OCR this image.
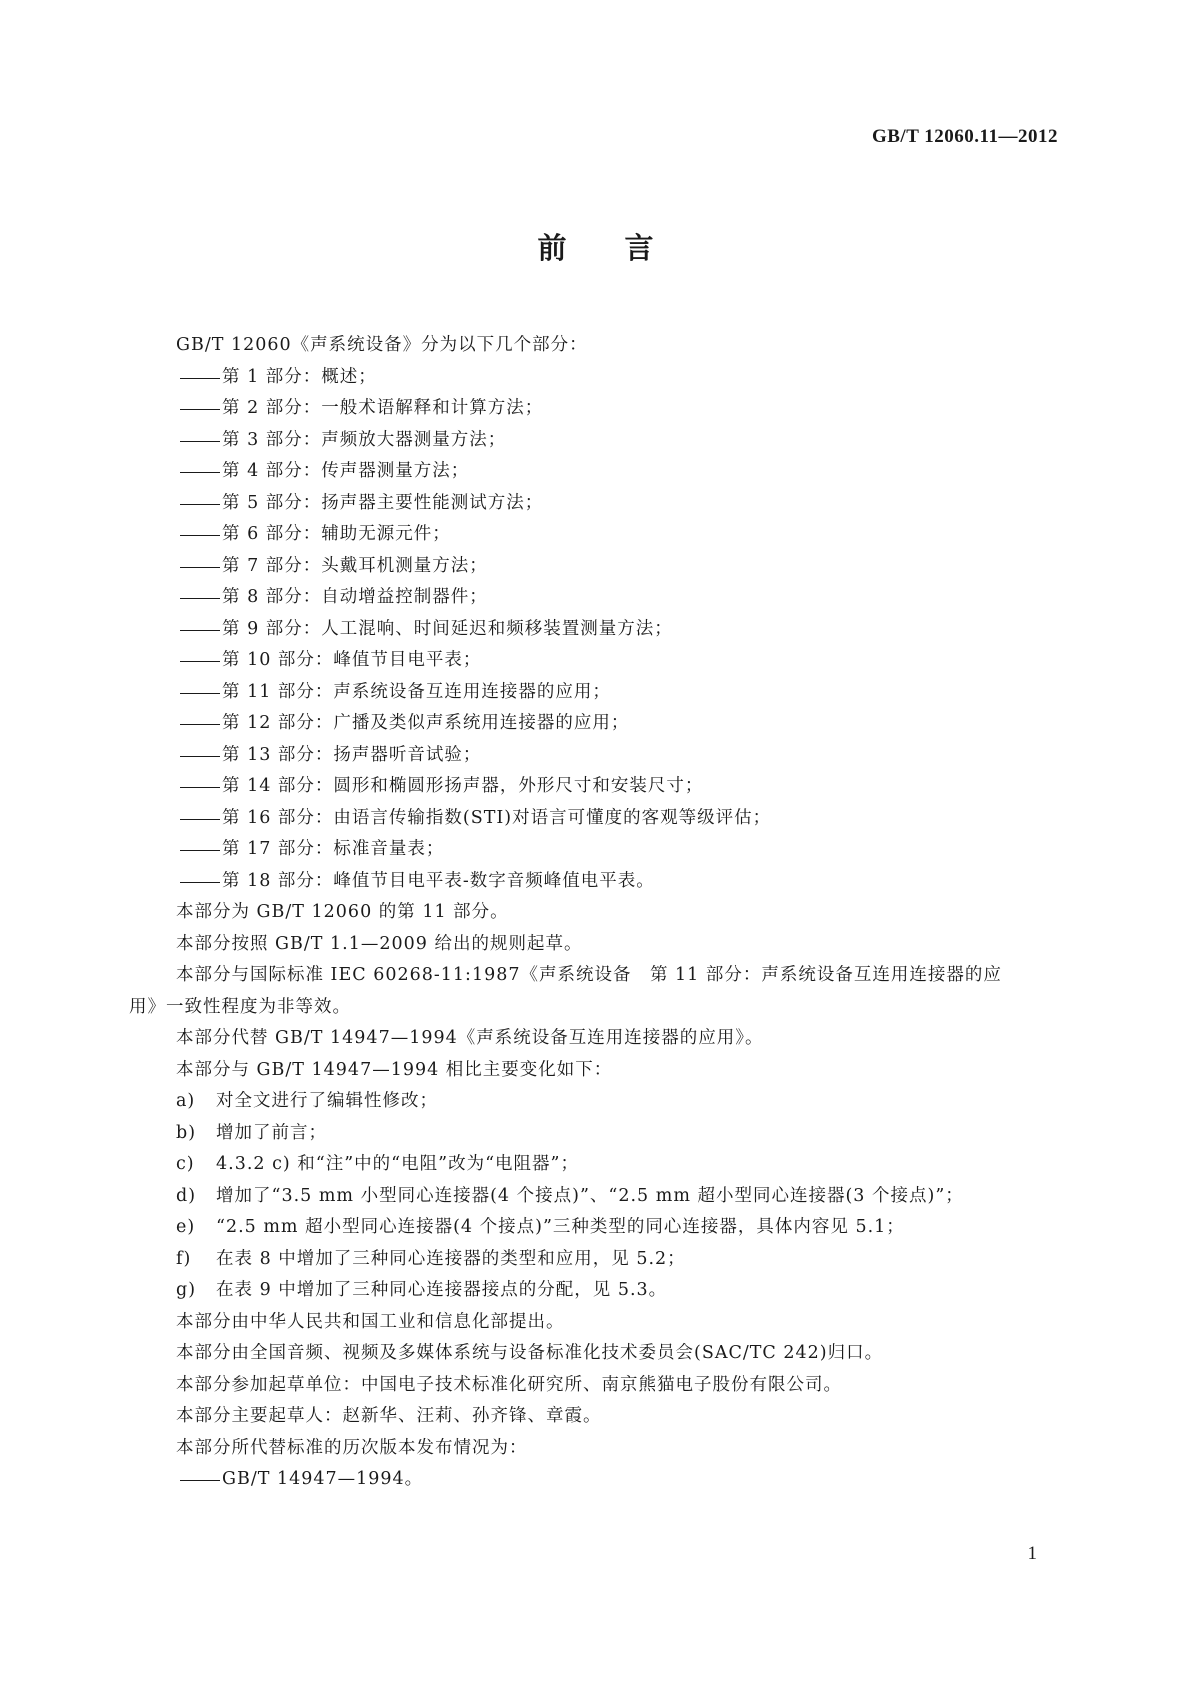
GB/T 12060.11—2012
前言
GB/T 12060《声系统设备》分为以下几个部分：
第 1 部分：概述；
第 2 部分：一般术语解释和计算方法；
第 3 部分：声频放大器测量方法；
第 4 部分：传声器测量方法；
第 5 部分：扬声器主要性能测试方法；
第 6 部分：辅助无源元件；
第 7 部分：头戴耳机测量方法；
第 8 部分：自动增益控制器件；
第 9 部分：人工混响、时间延迟和频移装置测量方法；
第 10 部分：峰值节目电平表；
第 11 部分：声系统设备互连用连接器的应用；
第 12 部分：广播及类似声系统用连接器的应用；
第 13 部分：扬声器听音试验；
第 14 部分：圆形和椭圆形扬声器，外形尺寸和安装尺寸；
第 16 部分：由语言传输指数(STI)对语言可懂度的客观等级评估；
第 17 部分：标准音量表；
第 18 部分：峰值节目电平表-数字音频峰值电平表。
本部分为 GB/T 12060 的第 11 部分。
本部分按照 GB/T 1.1—2009 给出的规则起草。
本部分与国际标准 IEC 60268-11:1987《声系统设备　第 11 部分：声系统设备互连用连接器的应
用》一致性程度为非等效。
本部分代替 GB/T 14947—1994《声系统设备互连用连接器的应用》。
本部分与 GB/T 14947—1994 相比主要变化如下：
a) 对全文进行了编辑性修改；
b) 增加了前言；
c) 4.3.2 c) 和“注”中的“电阻”改为“电阻器”；
d) 增加了“3.5 mm 小型同心连接器(4 个接点)”、“2.5 mm 超小型同心连接器(3 个接点)”；
e) “2.5 mm 超小型同心连接器(4 个接点)”三种类型的同心连接器，具体内容见 5.1；
f) 在表 8 中增加了三种同心连接器的类型和应用，见 5.2；
g) 在表 9 中增加了三种同心连接器接点的分配，见 5.3。
本部分由中华人民共和国工业和信息化部提出。
本部分由全国音频、视频及多媒体系统与设备标准化技术委员会(SAC/TC 242)归口。
本部分参加起草单位：中国电子技术标准化研究所、南京熊猫电子股份有限公司。
本部分主要起草人：赵新华、汪莉、孙齐锋、章霞。
本部分所代替标准的历次版本发布情况为：
GB/T 14947—1994。
1
